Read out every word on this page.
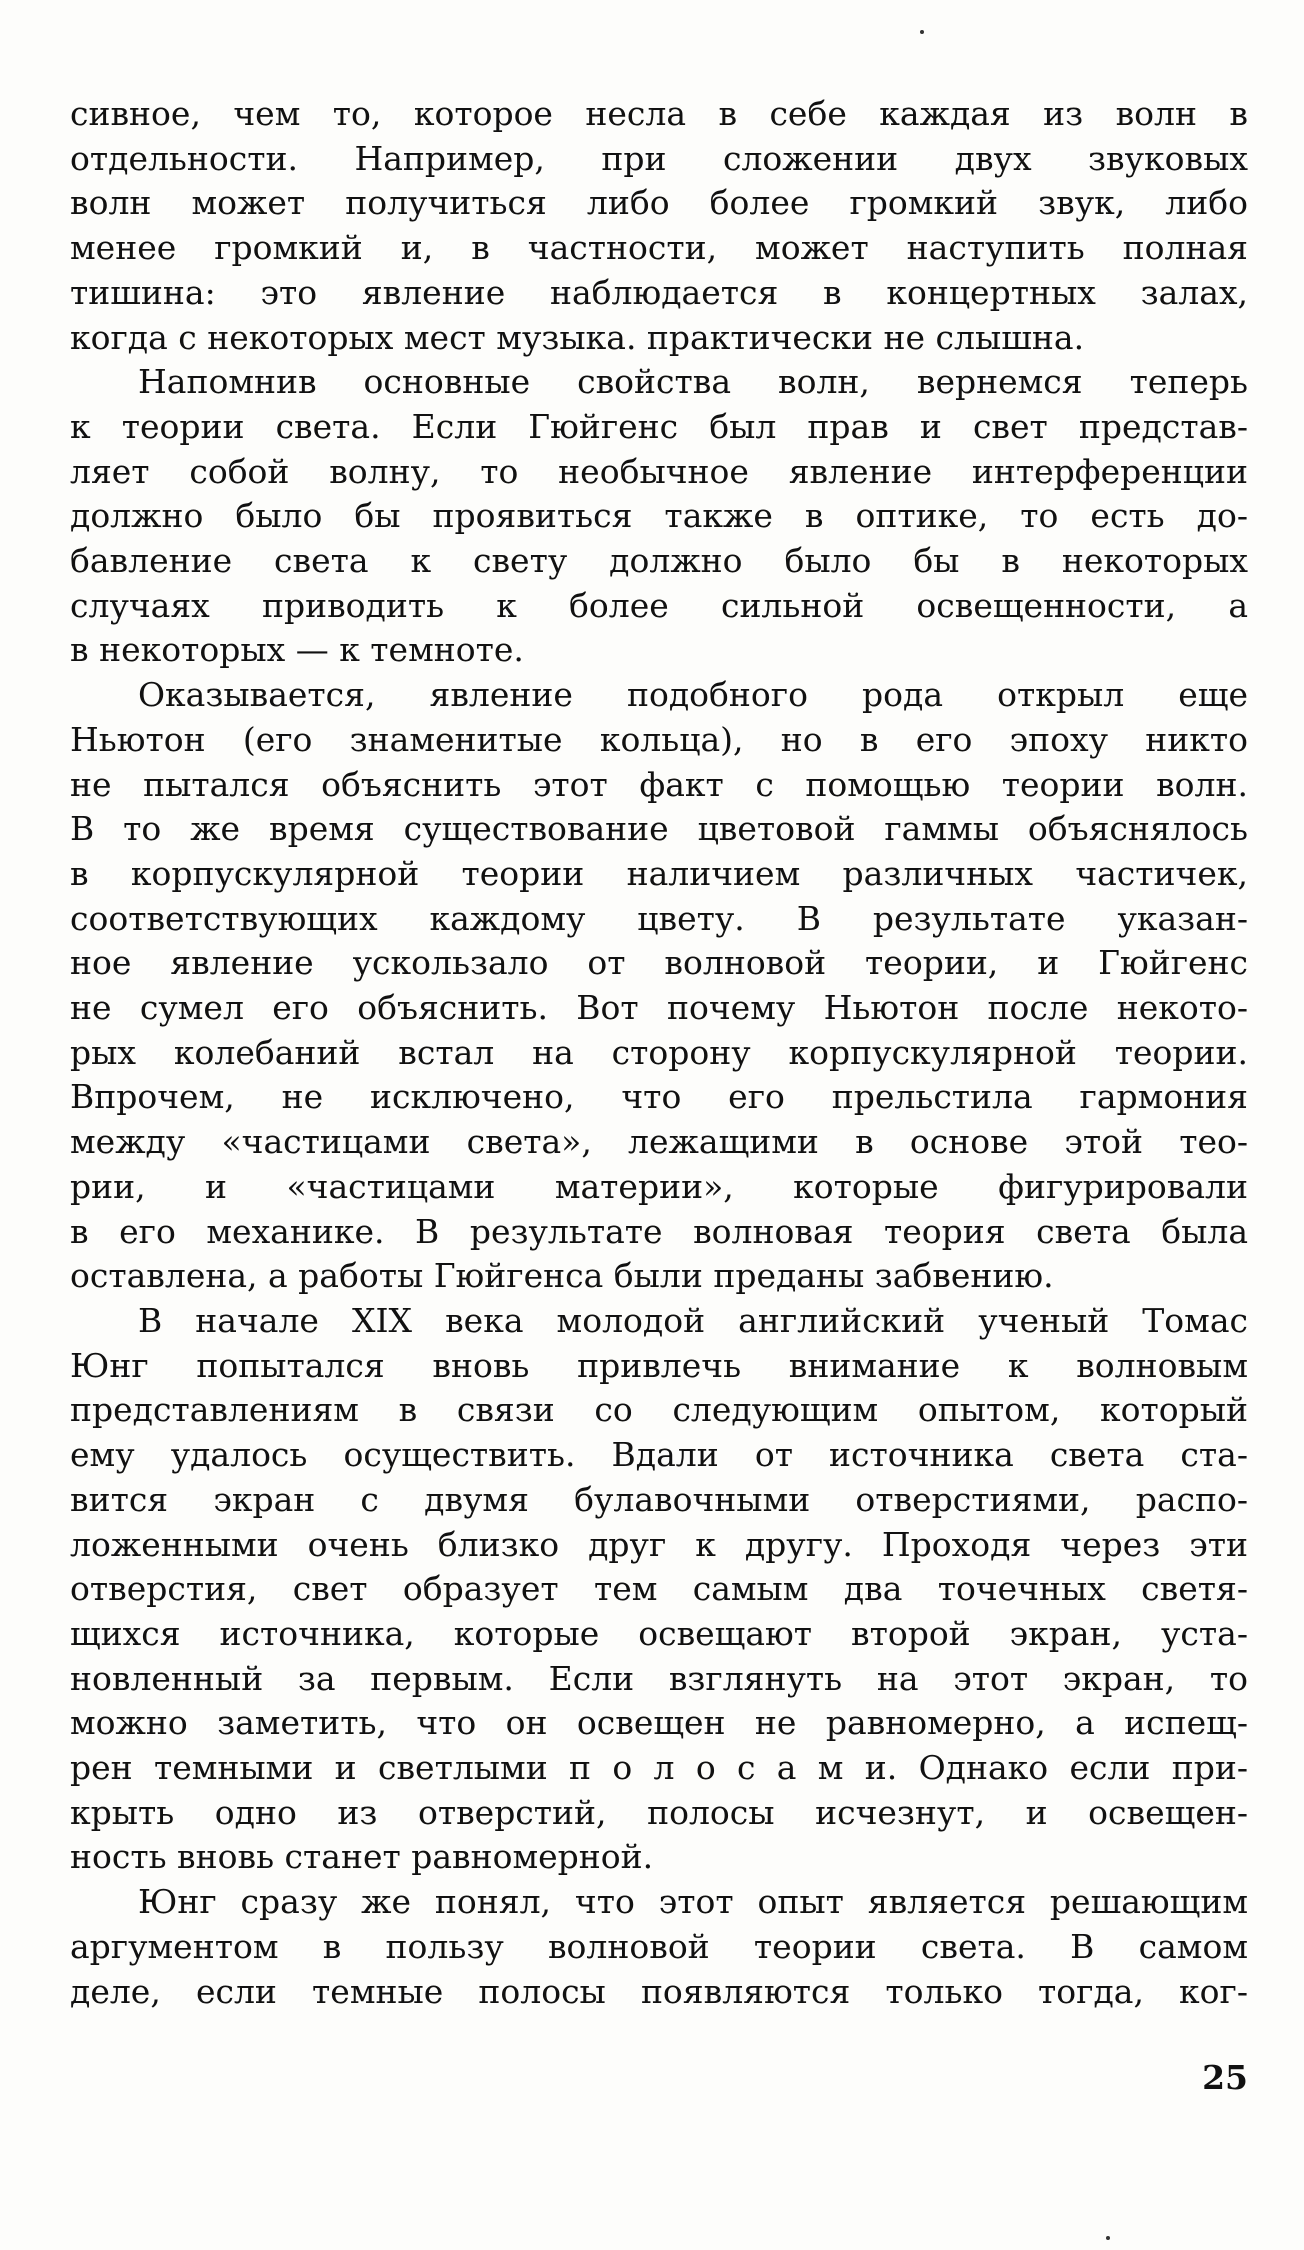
сивное, чем то, которое несла в себе каждая из волн в
отдельности. Например, при сложении двух звуковых
волн может получиться либо более громкий звук, либо
менее громкий и, в частности, может наступить полная
тишина: это явление наблюдается в концертных залах,
когда с некоторых мест музыка. практически не слышна.

Напомнив основные свойства волн, вернемся теперь
к теории света. Если Гюйгенс был прав и свет представ-
ляет собой волну, то необычное явление интерференции
должно было бы проявиться также в оптике, то есть до-
бавление света к свету должно было бы в некоторых
случаях приводить к более сильной освещенности, а
в некоторых — к темноте.

Оказывается, явление подобного рода открыл еще
Ньютон (его знаменитые кольца), но в его эпоху никто
не пытался объяснить этот факт с помощью теории волн.
В то же время существование цветовой гаммы объяснялось
в корпускулярной теории наличием различных частичек,
соответствующих каждому цвету. В результате указан-
ное явление ускользало от волновой теории, и Гюйгенс
не сумел его объяснить. Вот почему Ньютон после некото-
рых колебаний встал на сторону корпускулярной теории.
Впрочем, не исключено, что его прельстила гармония
между «частицами света», лежащими в основе этой тео-
рии, и «частицами материи», которые фигурировали
в его механике. В результате волновая теория света была
оставлена, а работы Гюйгенса были преданы забвению.

В начале XIX века молодой английский ученый Томас
Юнг попытался вновь привлечь внимание к волновым
представлениям в связи со следующим опытом, который
ему удалось осуществить. Вдали от источника света ста-
вится экран с двумя булавочными отверстиями, распо-
ложенными очень близко друг к другу. Проходя через эти
отверстия, свет образует тем самым два точечных светя-
щихся источника, которые освещают второй экран, уста-
новленный за первым. Если взглянуть на этот экран, то
можно заметить, что он освещен не равномерно, а испещ-
рен темными и светлыми п о л о с а м и. Однако если при-
крыть одно из отверстий, полосы исчезнут, и освещен-
ность вновь станет равномерной.

Юнг сразу же понял, что этот опыт является решающим
аргументом в пользу волновой теории света. В самом
деле, если темные полосы появляются только тогда, ког-

25
